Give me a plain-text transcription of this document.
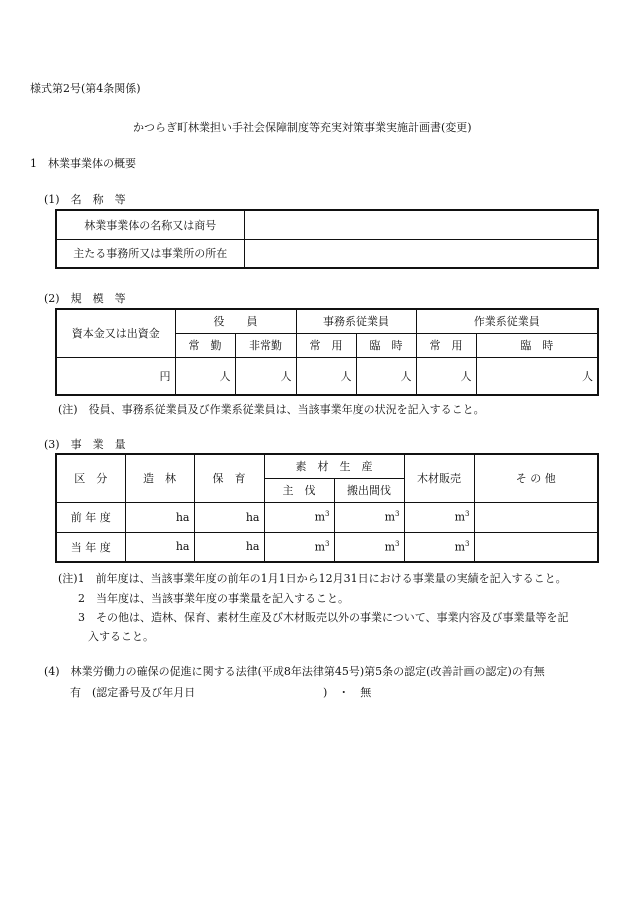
様式第2号(第4条関係)
かつらぎ町林業担い手社会保障制度等充実対策事業実施計画書(変更)
1　林業事業体の概要
(1)　名　称　等
林業事業体の名称又は商号	
主たる事務所又は事業所の所在	
(2)　規　模　等
資本金又は出資金	役　　員		事務系従業員		作業系従業員	
	常　勤	非常勤	常　用	臨　時	常　用	臨　時
円	人	人	人	人	人	人
(注)　役員、事務系従業員及び作業系従業員は、当該事業年度の状況を記入すること。
(3)　事　業　量
区　分	造　林	保　育	素　材　生　産		木材販売	そ の 他
			主　伐	搬出間伐		
前 年 度	ha	ha	$m^3$	$m^3$	$m^3$	
当 年 度	ha	ha	$m^3$	$m^3$	$m^3$	
(注)1　前年度は、当該事業年度の前年の1月1日から12月31日における事業量の実績を記入すること。
2　当年度は、当該事業年度の事業量を記入すること。
3　その他は、造林、保育、素材生産及び木材販売以外の事業について、事業内容及び事業量等を記
入すること。
(4)　林業労働力の確保の促進に関する法律(平成8年法律第45号)第5条の認定(改善計画の認定)の有無
有　(認定番号及び年月日	)　・　無
